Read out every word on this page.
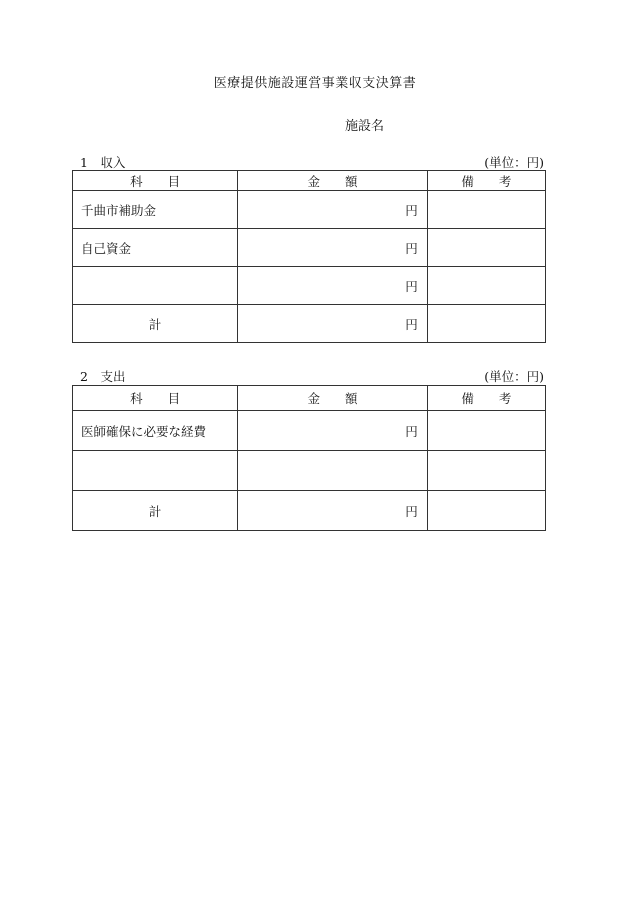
医療提供施設運営事業収支決算書
施設名
1　収入	(単位：円)
科　　目	金　　額	備　　考
千曲市補助金	円	
自己資金	円	
	円	
計	円	
2　支出	(単位：円)
科　　目	金　　額	備　　考
医師確保に必要な経費	円	

計	円	
